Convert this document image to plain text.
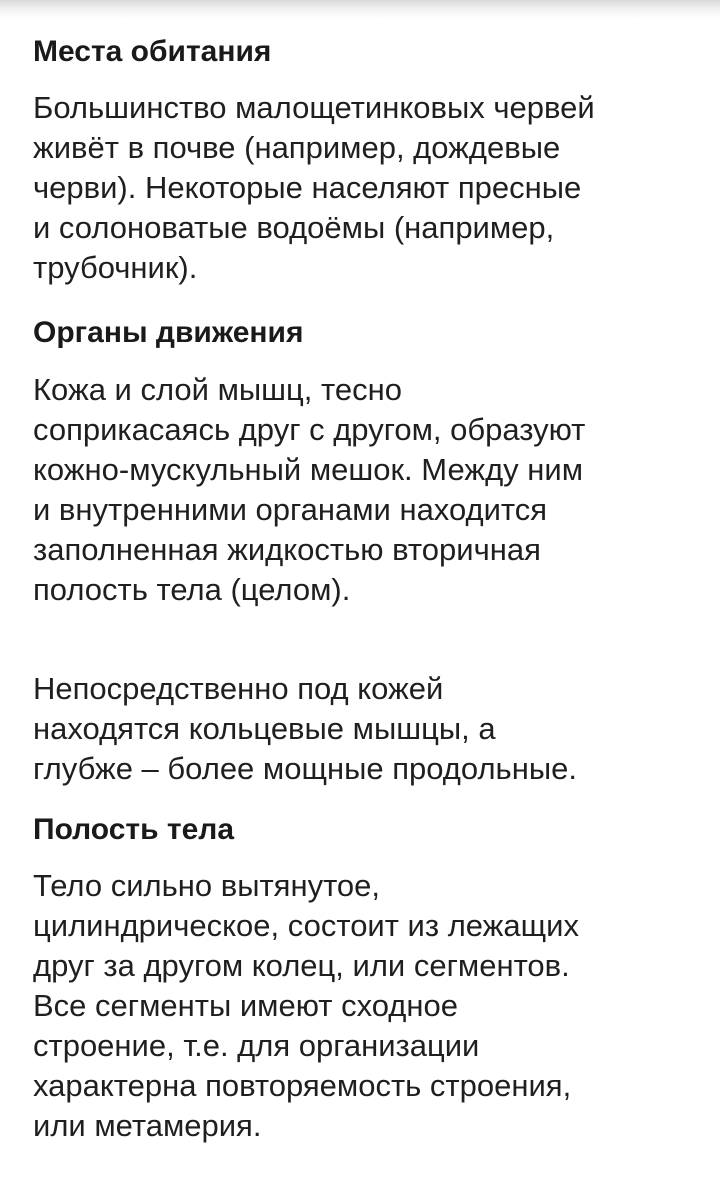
Места обитания

Большинство малощетинковых червей
живёт в почве (например, дождевые
черви). Некоторые населяют пресные
и солоноватые водоёмы (например,
трубочник).

Органы движения

Кожа и слой мышц, тесно
соприкасаясь друг с другом, образуют
кожно-мускульный мешок. Между ним
и внутренними органами находится
заполненная жидкостью вторичная
полость тела (целом).

Непосредственно под кожей
находятся кольцевые мышцы, а
глубже – более мощные продольные.

Полость тела

Тело сильно вытянутое,
цилиндрическое, состоит из лежащих
друг за другом колец, или сегментов.
Все сегменты имеют сходное
строение, т.е. для организации
характерна повторяемость строения,
или метамерия.
